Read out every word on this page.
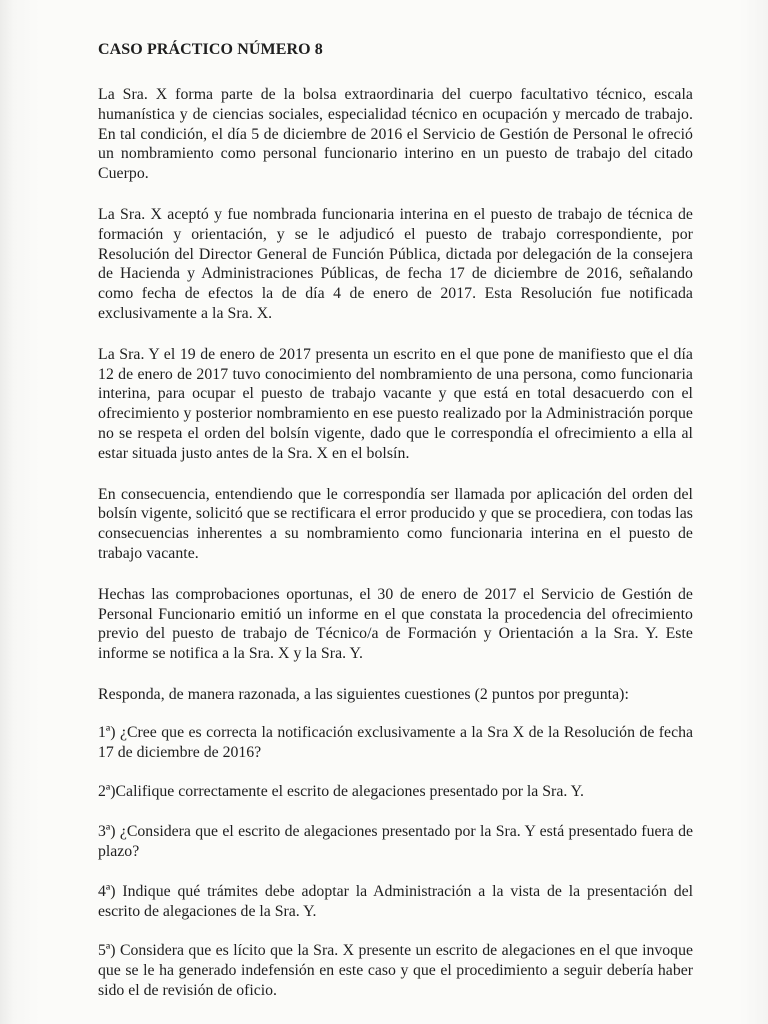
CASO PRÁCTICO NÚMERO 8

La Sra. X forma parte de la bolsa extraordinaria del cuerpo facultativo técnico, escala humanística y de ciencias sociales, especialidad técnico en ocupación y mercado de trabajo. En tal condición, el día 5 de diciembre de 2016 el Servicio de Gestión de Personal le ofreció un nombramiento como personal funcionario interino en un puesto de trabajo del citado Cuerpo.

La Sra. X aceptó y fue nombrada funcionaria interina en el puesto de trabajo de técnica de formación y orientación, y se le adjudicó el puesto de trabajo correspondiente, por Resolución del Director General de Función Pública, dictada por delegación de la consejera de Hacienda y Administraciones Públicas, de fecha 17 de diciembre de 2016, señalando como fecha de efectos la de día 4 de enero de 2017. Esta Resolución fue notificada exclusivamente a la Sra. X.

La Sra. Y el 19 de enero de 2017 presenta un escrito en el que pone de manifiesto que el día 12 de enero de 2017 tuvo conocimiento del nombramiento de una persona, como funcionaria interina, para ocupar el puesto de trabajo vacante y que está en total desacuerdo con el ofrecimiento y posterior nombramiento en ese puesto realizado por la Administración porque no se respeta el orden del bolsín vigente, dado que le correspondía el ofrecimiento a ella al estar situada justo antes de la Sra. X en el bolsín.

En consecuencia, entendiendo que le correspondía ser llamada por aplicación del orden del bolsín vigente, solicitó que se rectificara el error producido y que se procediera, con todas las consecuencias inherentes a su nombramiento como funcionaria interina en el puesto de trabajo vacante.

Hechas las comprobaciones oportunas, el 30 de enero de 2017 el Servicio de Gestión de Personal Funcionario emitió un informe en el que constata la procedencia del ofrecimiento previo del puesto de trabajo de Técnico/a de Formación y Orientación a la Sra. Y. Este informe se notifica a la Sra. X y la Sra. Y.

Responda, de manera razonada, a las siguientes cuestiones (2 puntos por pregunta):

1ª) ¿Cree que es correcta la notificación exclusivamente a la Sra X de la Resolución de fecha 17 de diciembre de 2016?

2ª)Califique correctamente el escrito de alegaciones presentado por la Sra. Y.

3ª) ¿Considera que el escrito de alegaciones presentado por la Sra. Y está presentado fuera de plazo?

4ª) Indique qué trámites debe adoptar la Administración a la vista de la presentación del escrito de alegaciones de la Sra. Y.

5ª) Considera que es lícito que la Sra. X presente un escrito de alegaciones en el que invoque que se le ha generado indefensión en este caso y que el procedimiento a seguir debería haber sido el de revisión de oficio.
